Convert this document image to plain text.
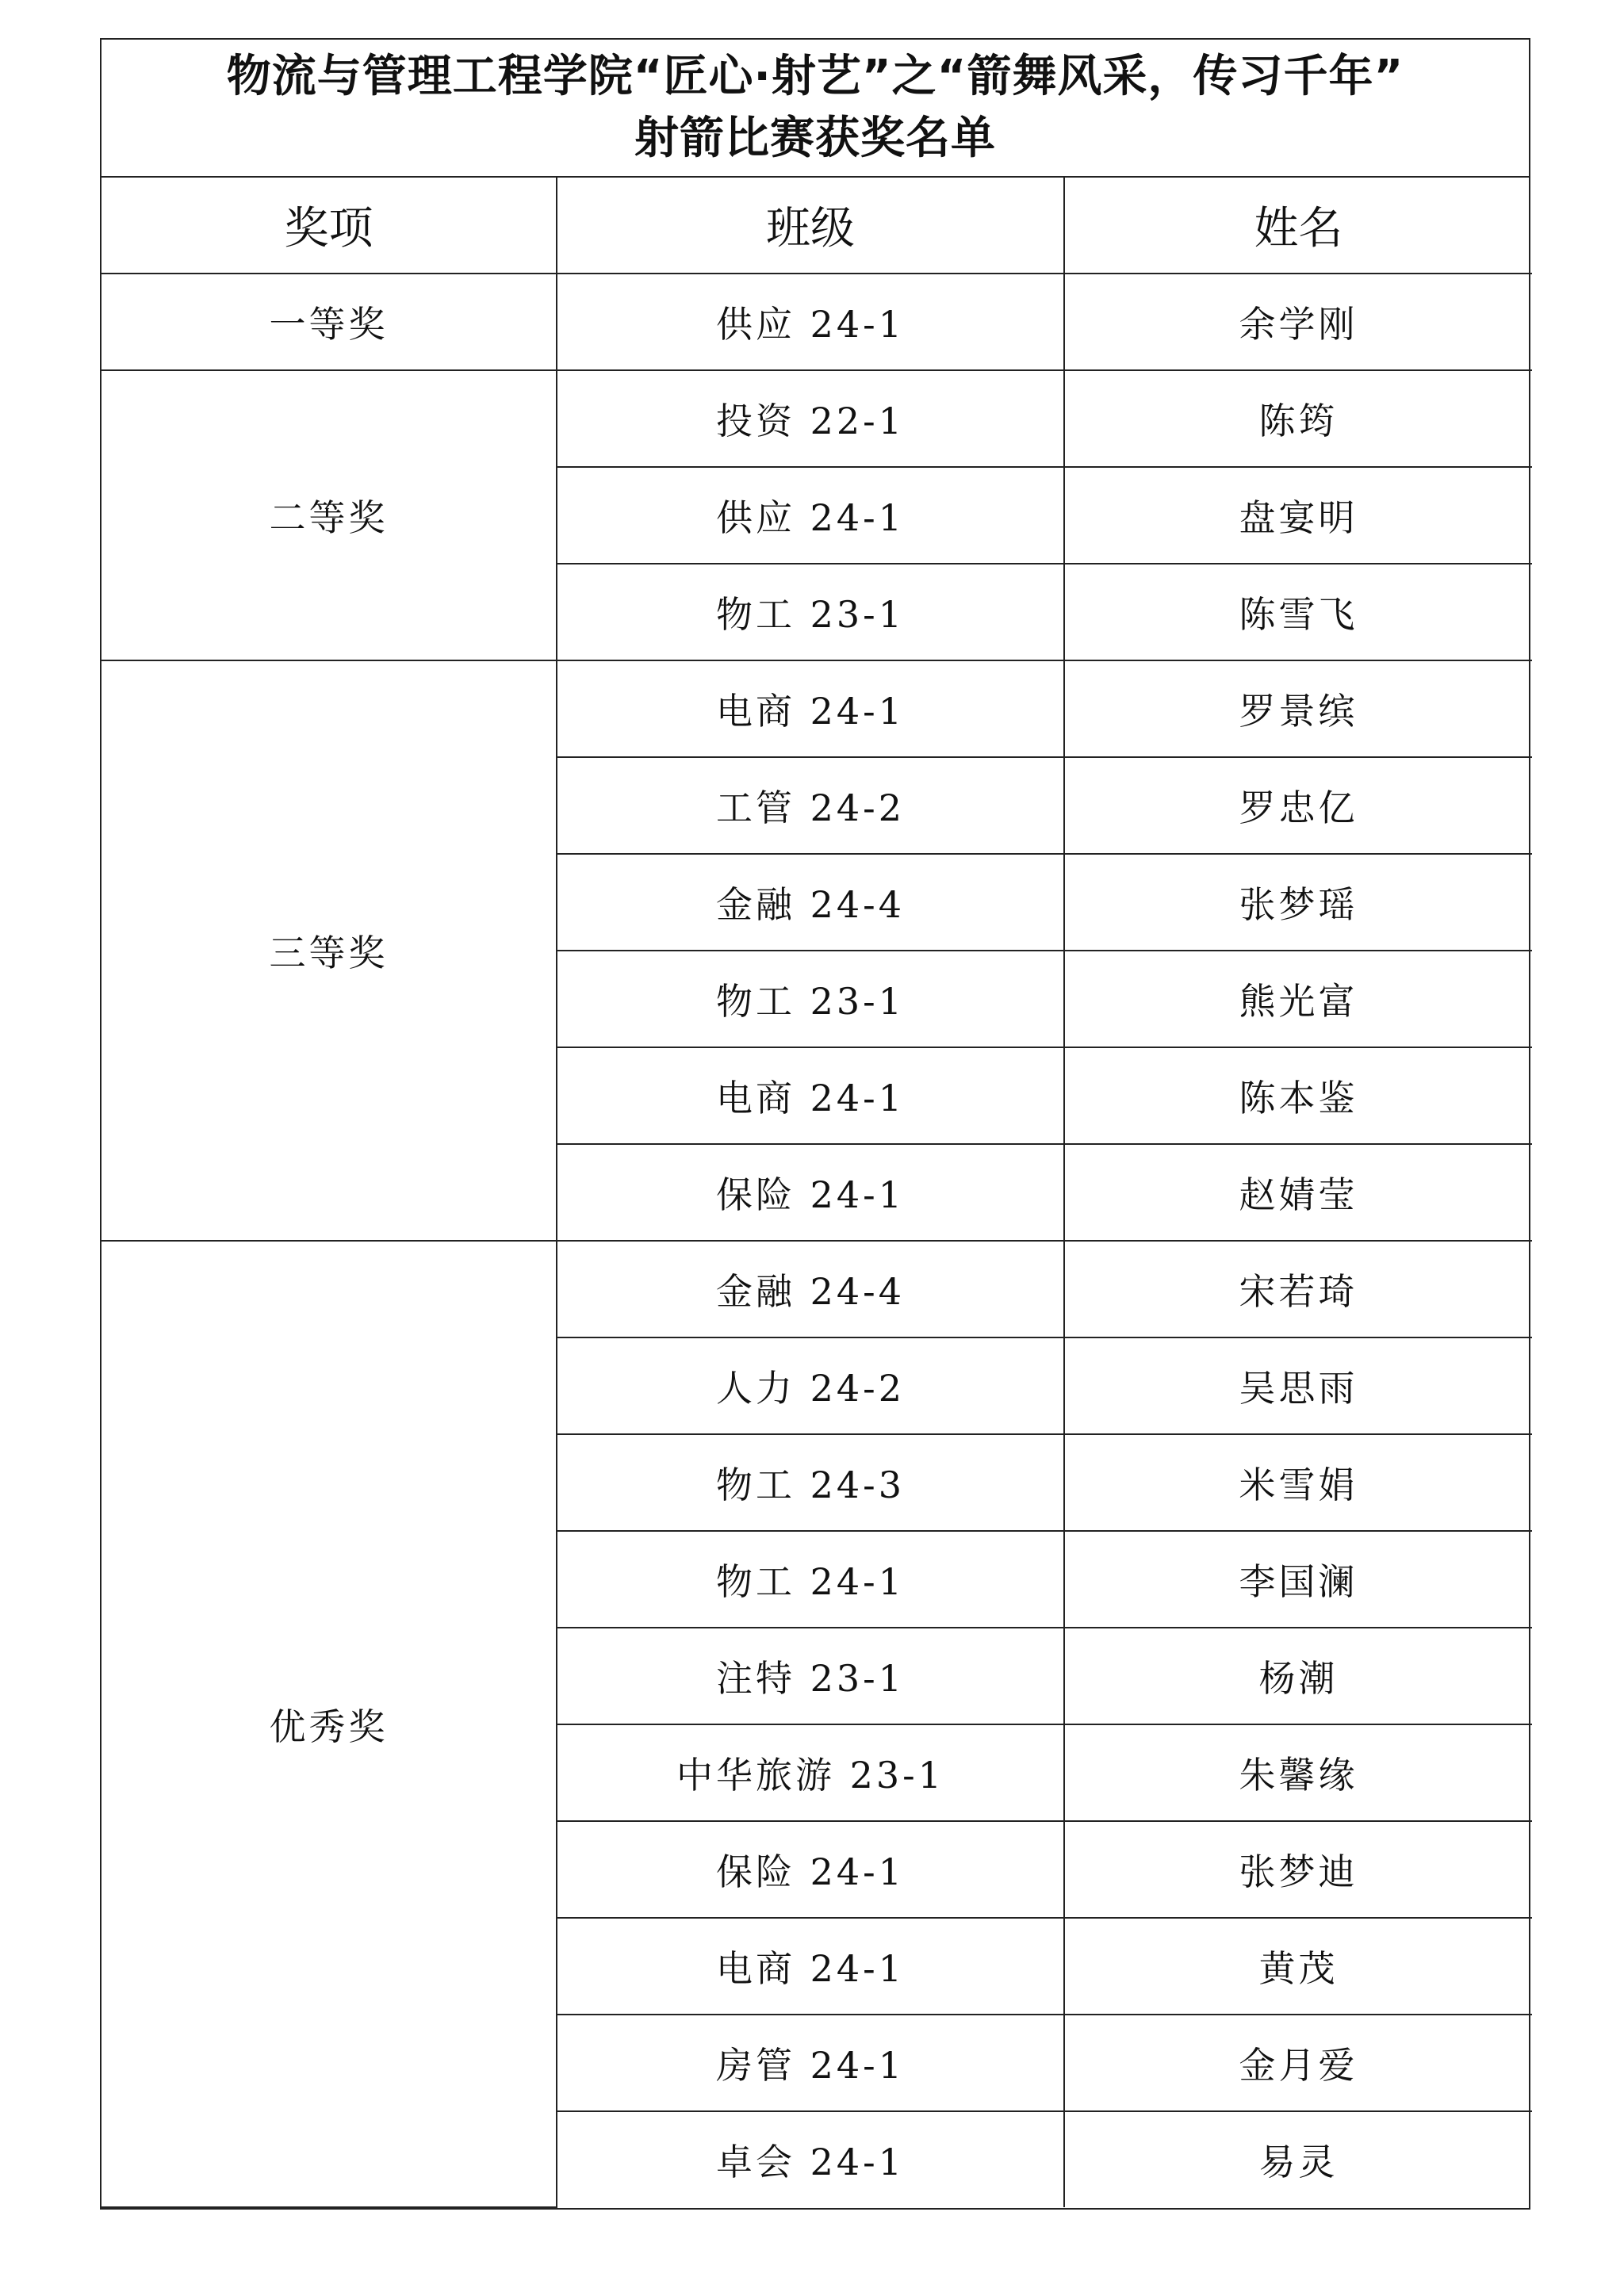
物流与管理工程学院“匠心·射艺”之“箭舞风采，传习千年”
射箭比赛获奖名单
奖项	班级	姓名
一等奖	供应 24-1	余学刚
二等奖	投资 22-1	陈筠
	供应 24-1	盘宴明
	物工 23-1	陈雪飞
三等奖	电商 24-1	罗景缤
	工管 24-2	罗忠亿
	金融 24-4	张梦瑶
	物工 23-1	熊光富
	电商 24-1	陈本鉴
	保险 24-1	赵婧莹
优秀奖	金融 24-4	宋若琦
	人力 24-2	吴思雨
	物工 24-3	米雪娟
	物工 24-1	李国澜
	注特 23-1	杨潮
	中华旅游 23-1	朱馨缘
	保险 24-1	张梦迪
	电商 24-1	黄茂
	房管 24-1	金月爱
	卓会 24-1	易灵
